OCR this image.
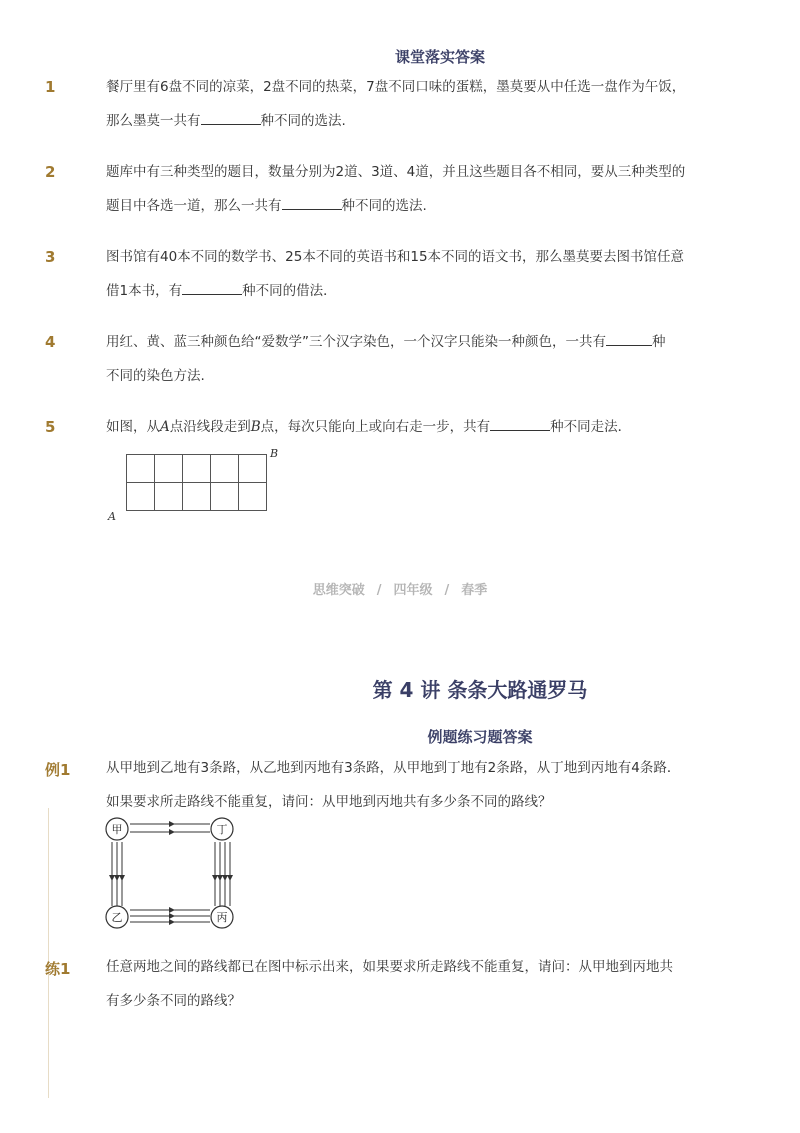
课堂落实答案
1	餐厅里有6盘不同的凉菜，2盘不同的热菜，7盘不同口味的蛋糕，墨莫要从中任选一盘作为午饭，
那么墨莫一共有	种不同的选法.
2	题库中有三种类型的题目，数量分别为2道、3道、4道，并且这些题目各不相同，要从三种类型的
题目中各选一道，那么一共有	种不同的选法.
3	图书馆有40本不同的数学书、25本不同的英语书和15本不同的语文书，那么墨莫要去图书馆任意
借1本书，有	种不同的借法．
4	用红、黄、蓝三种颜色给“爱数学”三个汉字染色，一个汉字只能染一种颜色，一共有	种
不同的染色方法.
5	如图，从A点沿线段走到B点，每次只能向上或向右走一步，共有	种不同走法．
A
B
思维突破 / 四年级 / 春季
第 4 讲 条条大路通罗马
例题练习题答案
例1	从甲地到乙地有3条路，从乙地到丙地有3条路，从甲地到丁地有2条路，从丁地到丙地有4条路．
如果要求所走路线不能重复，请问：从甲地到丙地共有多少条不同的路线？
甲	丁
乙	丙
练1	任意两地之间的路线都已在图中标示出来，如果要求所走路线不能重复，请问：从甲地到丙地共
有多少条不同的路线？
